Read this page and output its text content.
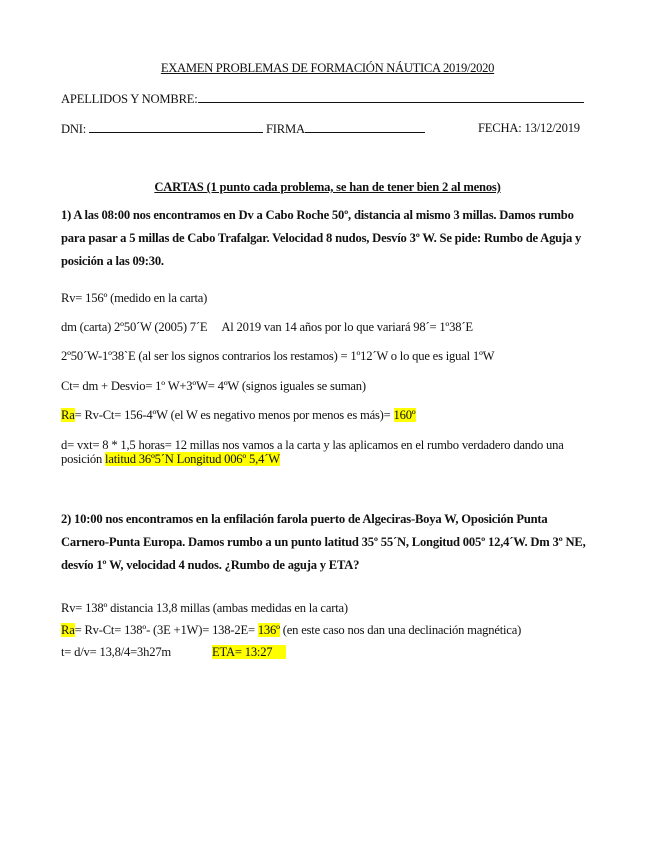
EXAMEN PROBLEMAS DE FORMACIÓN NÁUTICA 2019/2020
APELLIDOS Y NOMBRE:
DNI:	FIRMA	FECHA: 13/12/2019
CARTAS (1 punto cada problema, se han de tener bien 2 al menos)
1) A las 08:00 nos encontramos en Dv a Cabo Roche 50º, distancia al mismo 3 millas. Damos rumbo para pasar a 5 millas de Cabo Trafalgar. Velocidad 8 nudos, Desvío 3º W. Se pide: Rumbo de Aguja y posición a las 09:30.
Rv= 156º (medido en la carta)
dm (carta) 2º50´W (2005) 7´E     Al 2019 van 14 años por lo que variará 98´= 1º38´E
2º50´W-1º38`E (al ser los signos contrarios los restamos) = 1º12´W o lo que es igual 1ºW
Ct= dm + Desvio= 1º W+3ºW= 4ºW (signos iguales se suman)
Ra= Rv-Ct= 156-4ºW (el W es negativo menos por menos es más)= 160º
d= vxt= 8 * 1,5 horas= 12 millas nos vamos a la carta y las aplicamos en el rumbo verdadero dando una posición latitud 36º5´N Longitud 006º 5,4´W
2) 10:00 nos encontramos en la enfilación farola puerto de Algeciras-Boya W, Oposición Punta Carnero-Punta Europa. Damos rumbo a un punto latitud 35º 55´N, Longitud 005º 12,4´W. Dm 3º NE, desvío 1º W, velocidad 4 nudos. ¿Rumbo de aguja y ETA?
Rv= 138º distancia 13,8 millas (ambas medidas en la carta)
Ra= Rv-Ct= 138º- (3E +1W)= 138-2E= 136º (en este caso nos dan una declinación magnética)
t= d/v= 13,8/4=3h27m	ETA= 13:27
